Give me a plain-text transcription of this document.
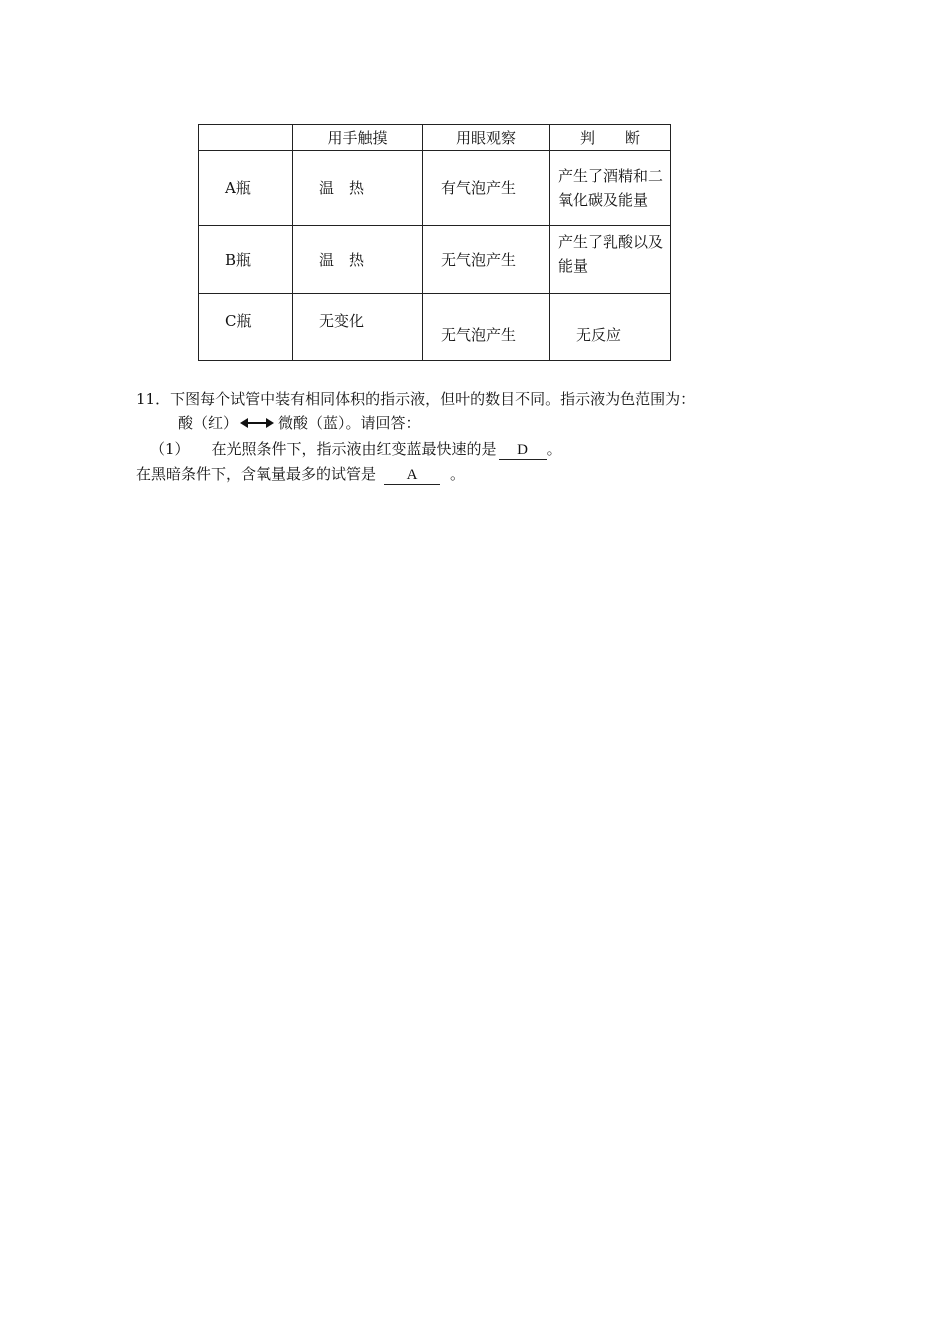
	用手触摸	用眼观察	判　　断
A瓶	温　热	有气泡产生	产生了酒精和二氧化碳及能量
B瓶	温　热	无气泡产生	产生了乳酸以及能量
C瓶	无变化	无气泡产生	无反应
11．下图每个试管中装有相同体积的指示液，但叶的数目不同。指示液为色范围为：
酸（红）	微酸（蓝）。请回答：
（1） 在光照条件下，指示液由红变蓝最快速的是 D 。
在黑暗条件下，含氧量最多的试管是 A 。
